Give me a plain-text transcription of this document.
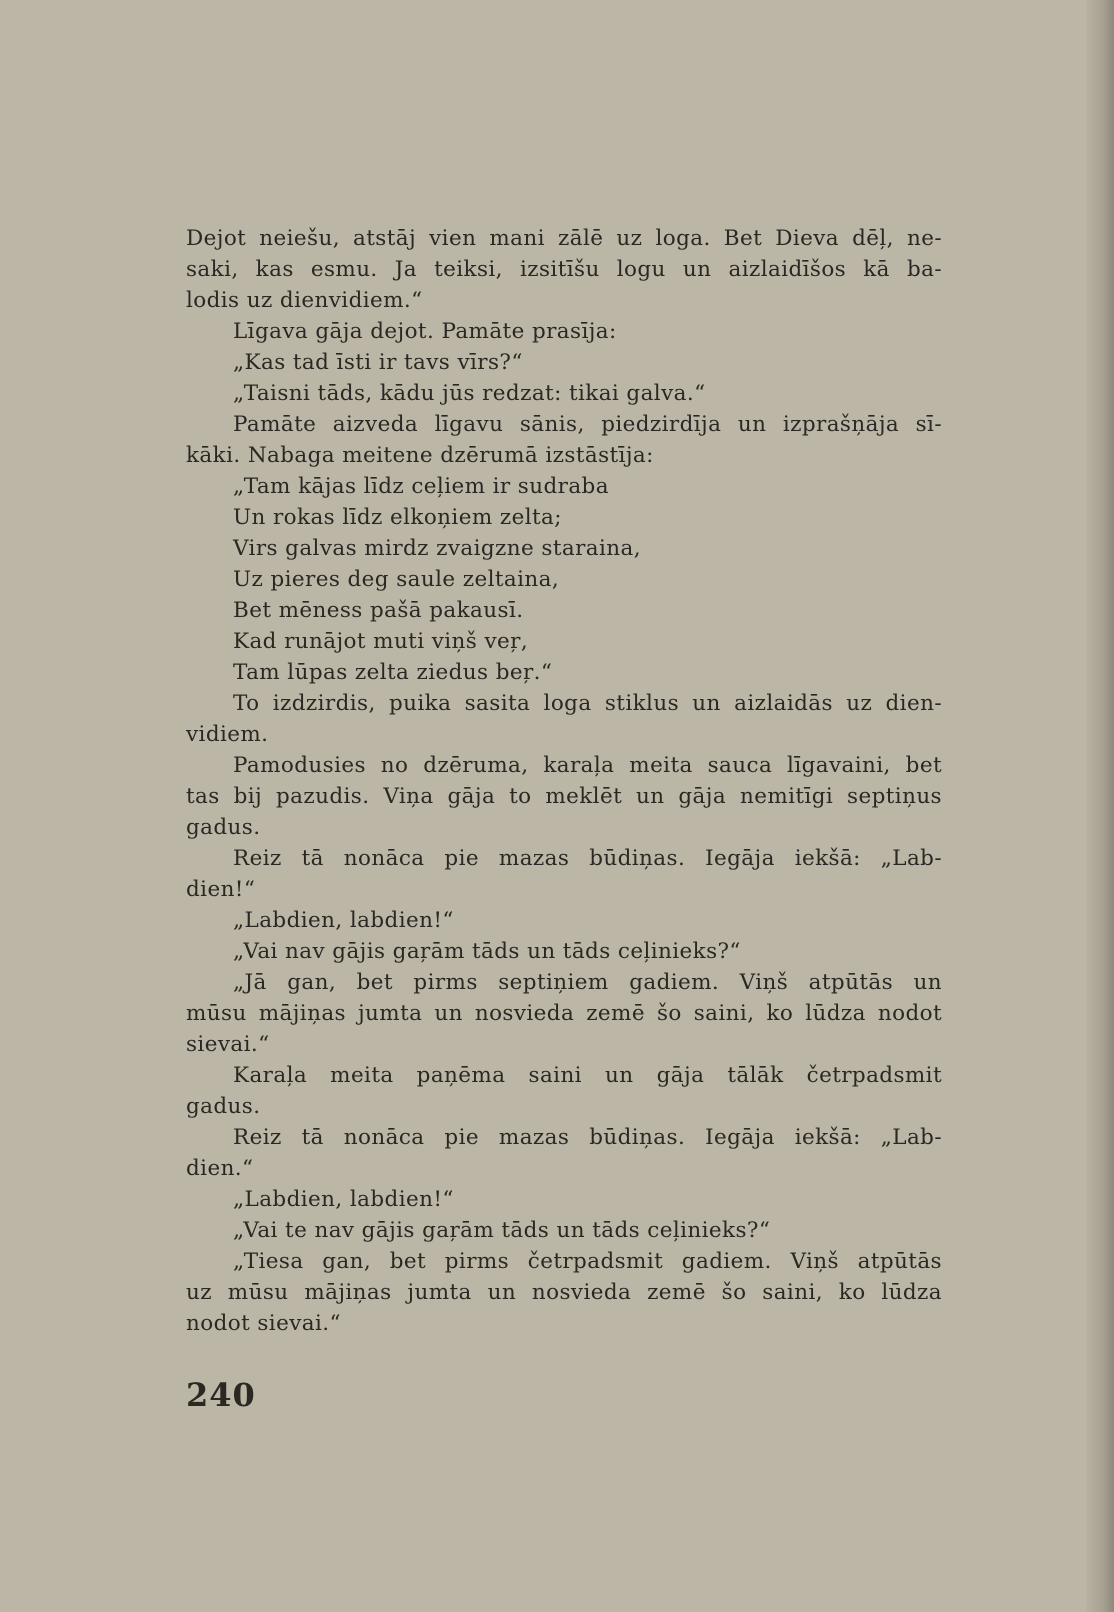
Dejot neiešu, atstāj vien mani zālē uz loga. Bet Dieva dēļ, ne-
saki, kas esmu. Ja teiksi, izsitīšu logu un aizlaidīšos kā ba-
lodis uz dienvidiem.“
Līgava gāja dejot. Pamāte prasīja:
„Kas tad īsti ir tavs vīrs?“
„Taisni tāds, kādu jūs redzat: tikai galva.“
Pamāte aizveda līgavu sānis, piedzirdīja un izprašņāja sī-
kāki. Nabaga meitene dzērumā izstāstīja:
„Tam kājas līdz ceļiem ir sudraba
Un rokas līdz elkoņiem zelta;
Virs galvas mirdz zvaigzne staraina,
Uz pieres deg saule zeltaina,
Bet mēness pašā pakausī.
Kad runājot muti viņš veŗ,
Tam lūpas zelta ziedus beŗ.“
To izdzirdis, puika sasita loga stiklus un aizlaidās uz dien-
vidiem.
Pamodusies no dzēruma, karaļa meita sauca līgavaini, bet
tas bij pazudis. Viņa gāja to meklēt un gāja nemitīgi septiņus
gadus.
Reiz tā nonāca pie mazas būdiņas. Iegāja iekšā: „Lab-
dien!“
„Labdien, labdien!“
„Vai nav gājis gaŗām tāds un tāds ceļinieks?“
„Jā gan, bet pirms septiņiem gadiem. Viņš atpūtās un
mūsu mājiņas jumta un nosvieda zemē šo saini, ko lūdza nodot
sievai.“
Karaļa meita paņēma saini un gāja tālāk četrpadsmit
gadus.
Reiz tā nonāca pie mazas būdiņas. Iegāja iekšā: „Lab-
dien.“
„Labdien, labdien!“
„Vai te nav gājis gaŗām tāds un tāds ceļinieks?“
„Tiesa gan, bet pirms četrpadsmit gadiem. Viņš atpūtās
uz mūsu mājiņas jumta un nosvieda zemē šo saini, ko lūdza
nodot sievai.“
240
